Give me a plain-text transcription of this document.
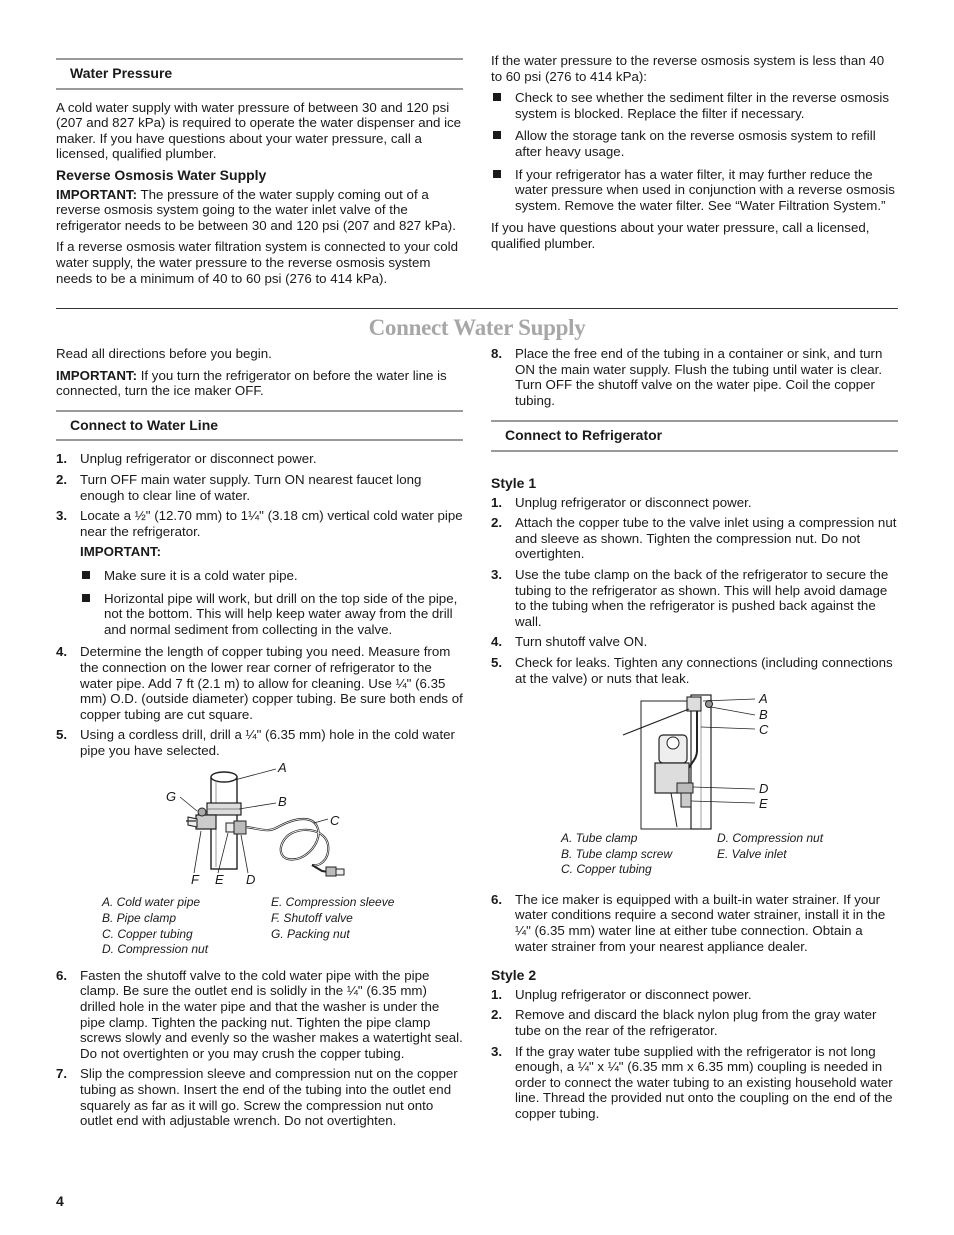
Water Pressure

A cold water supply with water pressure of between 30 and 120 psi (207 and 827 kPa) is required to operate the water dispenser and ice maker. If you have questions about your water pressure, call a licensed, qualified plumber.

Reverse Osmosis Water Supply

IMPORTANT: The pressure of the water supply coming out of a reverse osmosis system going to the water inlet valve of the refrigerator needs to be between 30 and 120 psi (207 and 827 kPa).

If a reverse osmosis water filtration system is connected to your cold water supply, the water pressure to the reverse osmosis system needs to be a minimum of 40 to 60 psi (276 to 414 kPa).

If the water pressure to the reverse osmosis system is less than 40 to 60 psi (276 to 414 kPa):

Check to see whether the sediment filter in the reverse osmosis system is blocked. Replace the filter if necessary.
Allow the storage tank on the reverse osmosis system to refill after heavy usage.
If your refrigerator has a water filter, it may further reduce the water pressure when used in conjunction with a reverse osmosis system. Remove the water filter. See “Water Filtration System.”

If you have questions about your water pressure, call a licensed, qualified plumber.

Connect Water Supply

Read all directions before you begin.

IMPORTANT: If you turn the refrigerator on before the water line is connected, turn the ice maker OFF.

Connect to Water Line
1. Unplug refrigerator or disconnect power.
2. Turn OFF main water supply. Turn ON nearest faucet long enough to clear line of water.
3. Locate a ½" (12.70 mm) to 1¼" (3.18 cm) vertical cold water pipe near the refrigerator.
IMPORTANT:
Make sure it is a cold water pipe.
Horizontal pipe will work, but drill on the top side of the pipe, not the bottom. This will help keep water away from the drill and normal sediment from collecting in the valve.
4. Determine the length of copper tubing you need. Measure from the connection on the lower rear corner of refrigerator to the water pipe. Add 7 ft (2.1 m) to allow for cleaning. Use ¼" (6.35 mm) O.D. (outside diameter) copper tubing. Be sure both ends of copper tubing are cut square.
5. Using a cordless drill, drill a ¼" (6.35 mm) hole in the cold water pipe you have selected.
A
B
C
G
F E D
A. Cold water pipe	E. Compression sleeve
B. Pipe clamp	F. Shutoff valve
C. Copper tubing	G. Packing nut
D. Compression nut
6. Fasten the shutoff valve to the cold water pipe with the pipe clamp. Be sure the outlet end is solidly in the ¼" (6.35 mm) drilled hole in the water pipe and that the washer is under the pipe clamp. Tighten the packing nut. Tighten the pipe clamp screws slowly and evenly so the washer makes a watertight seal. Do not overtighten or you may crush the copper tubing.
7. Slip the compression sleeve and compression nut on the copper tubing as shown. Insert the end of the tubing into the outlet end squarely as far as it will go. Screw the compression nut onto outlet end with adjustable wrench. Do not overtighten.
8. Place the free end of the tubing in a container or sink, and turn ON the main water supply. Flush the tubing until water is clear. Turn OFF the shutoff valve on the water pipe. Coil the copper tubing.
Connect to Refrigerator
Style 1
1. Unplug refrigerator or disconnect power.
2. Attach the copper tube to the valve inlet using a compression nut and sleeve as shown. Tighten the compression nut. Do not overtighten.
3. Use the tube clamp on the back of the refrigerator to secure the tubing to the refrigerator as shown. This will help avoid damage to the tubing when the refrigerator is pushed back against the wall.
4. Turn shutoff valve ON.
5. Check for leaks. Tighten any connections (including connections at the valve) or nuts that leak.
A
B
C
D
E
A. Tube clamp	D. Compression nut
B. Tube clamp screw	E. Valve inlet
C. Copper tubing
6. The ice maker is equipped with a built-in water strainer. If your water conditions require a second water strainer, install it in the ¼" (6.35 mm) water line at either tube connection. Obtain a water strainer from your nearest appliance dealer.
Style 2
1. Unplug refrigerator or disconnect power.
2. Remove and discard the black nylon plug from the gray water tube on the rear of the refrigerator.
3. If the gray water tube supplied with the refrigerator is not long enough, a ¼" x ¼" (6.35 mm x 6.35 mm) coupling is needed in order to connect the water tubing to an existing household water line. Thread the provided nut onto the coupling on the end of the copper tubing.
4
